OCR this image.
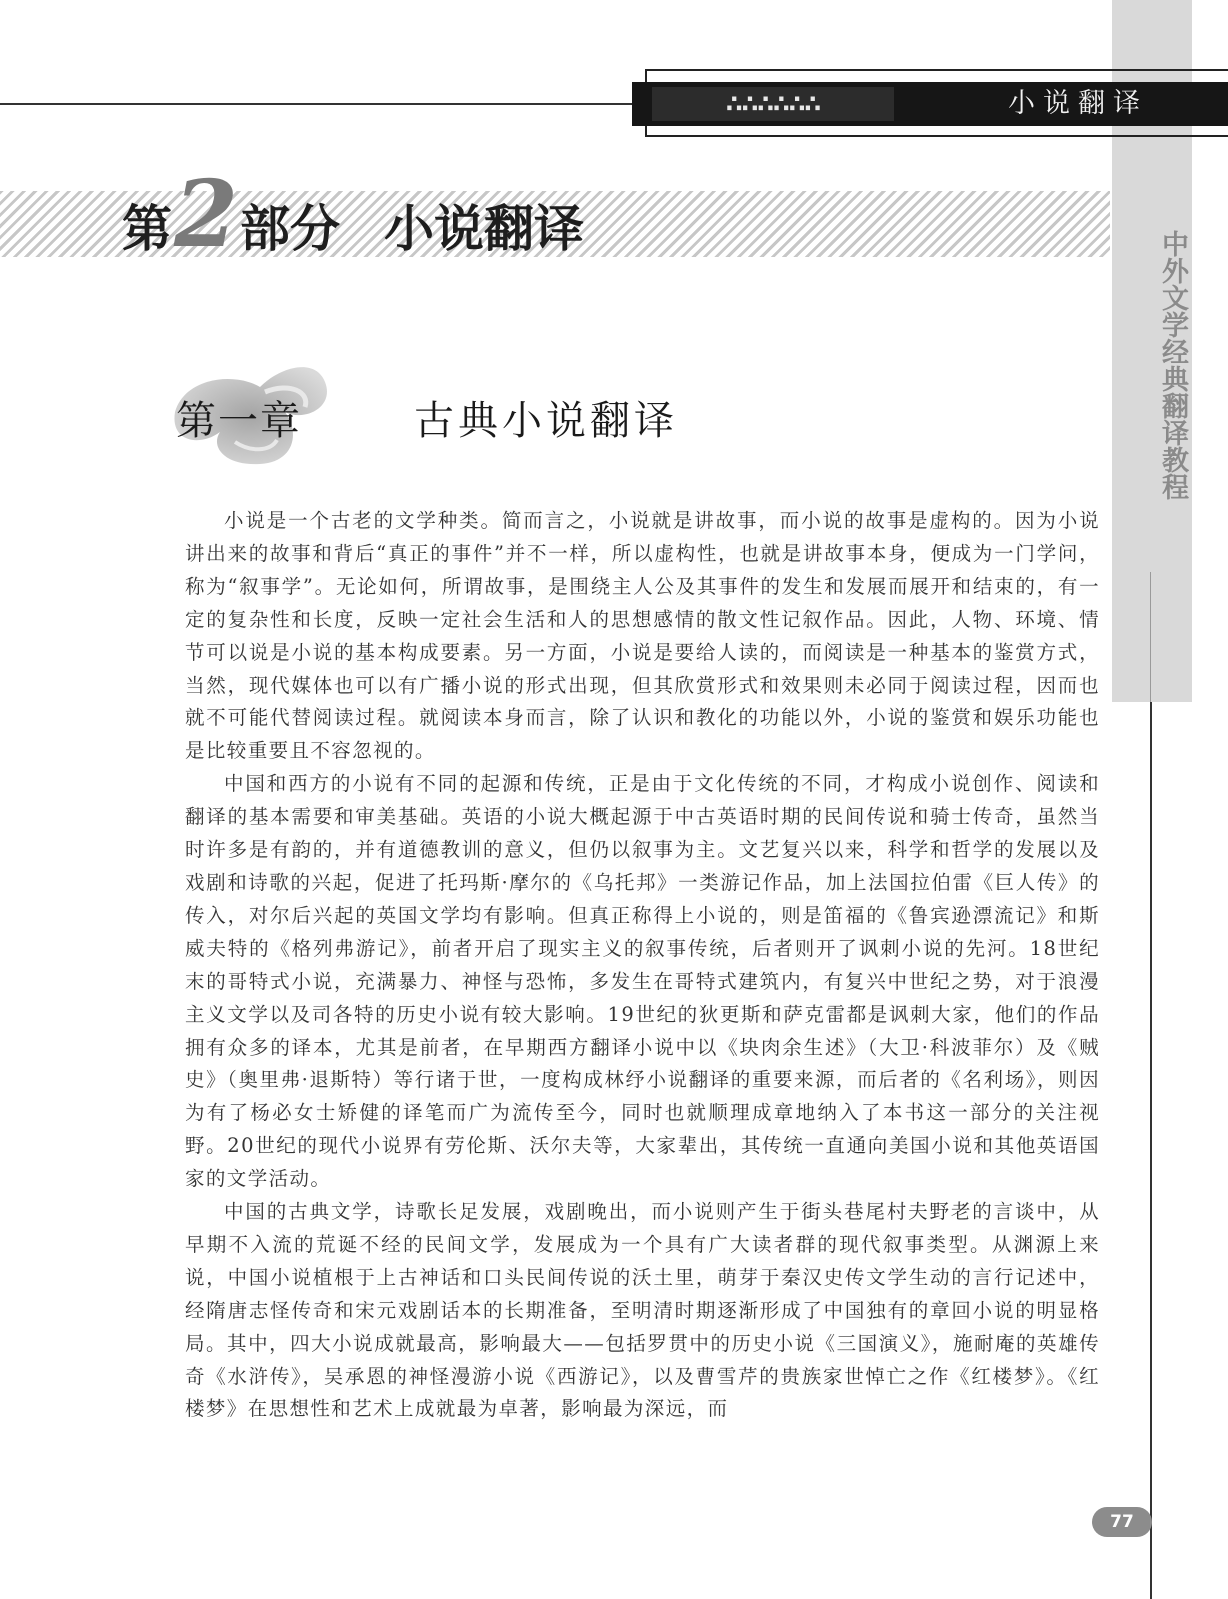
中外文学经典翻译教程
∴∴∴∴∴∴	小说翻译
第2部分 小说翻译
第一章	古典小说翻译

小说是一个古老的文学种类。简而言之，小说就是讲故事，而小说的故事是虚构的。因为小说讲出来的故事和背后“真正的事件”并不一样，所以虚构性，也就是讲故事本身，便成为一门学问，称为“叙事学”。无论如何，所谓故事，是围绕主人公及其事件的发生和发展而展开和结束的，有一定的复杂性和长度，反映一定社会生活和人的思想感情的散文性记叙作品。因此，人物、环境、情节可以说是小说的基本构成要素。另一方面，小说是要给人读的，而阅读是一种基本的鉴赏方式，当然，现代媒体也可以有广播小说的形式出现，但其欣赏形式和效果则未必同于阅读过程，因而也就不可能代替阅读过程。就阅读本身而言，除了认识和教化的功能以外，小说的鉴赏和娱乐功能也是比较重要且不容忽视的。

中国和西方的小说有不同的起源和传统，正是由于文化传统的不同，才构成小说创作、阅读和翻译的基本需要和审美基础。英语的小说大概起源于中古英语时期的民间传说和骑士传奇，虽然当时许多是有韵的，并有道德教训的意义，但仍以叙事为主。文艺复兴以来，科学和哲学的发展以及戏剧和诗歌的兴起，促进了托玛斯·摩尔的《乌托邦》一类游记作品，加上法国拉伯雷《巨人传》的传入，对尔后兴起的英国文学均有影响。但真正称得上小说的，则是笛福的《鲁宾逊漂流记》和斯威夫特的《格列弗游记》，前者开启了现实主义的叙事传统，后者则开了讽刺小说的先河。18世纪末的哥特式小说，充满暴力、神怪与恐怖，多发生在哥特式建筑内，有复兴中世纪之势，对于浪漫主义文学以及司各特的历史小说有较大影响。19世纪的狄更斯和萨克雷都是讽刺大家，他们的作品拥有众多的译本，尤其是前者，在早期西方翻译小说中以《块肉余生述》（大卫·科波菲尔）及《贼史》（奥里弗·退斯特）等行诸于世，一度构成林纾小说翻译的重要来源，而后者的《名利场》，则因为有了杨必女士矫健的译笔而广为流传至今，同时也就顺理成章地纳入了本书这一部分的关注视野。20世纪的现代小说界有劳伦斯、沃尔夫等，大家辈出，其传统一直通向美国小说和其他英语国家的文学活动。

中国的古典文学，诗歌长足发展，戏剧晚出，而小说则产生于街头巷尾村夫野老的言谈中，从早期不入流的荒诞不经的民间文学，发展成为一个具有广大读者群的现代叙事类型。从渊源上来说，中国小说植根于上古神话和口头民间传说的沃土里，萌芽于秦汉史传文学生动的言行记述中，经隋唐志怪传奇和宋元戏剧话本的长期准备，至明清时期逐渐形成了中国独有的章回小说的明显格局。其中，四大小说成就最高，影响最大——包括罗贯中的历史小说《三国演义》，施耐庵的英雄传奇《水浒传》，吴承恩的神怪漫游小说《西游记》，以及曹雪芹的贵族家世悼亡之作《红楼梦》。《红楼梦》在思想性和艺术上成就最为卓著，影响最为深远，而

77
